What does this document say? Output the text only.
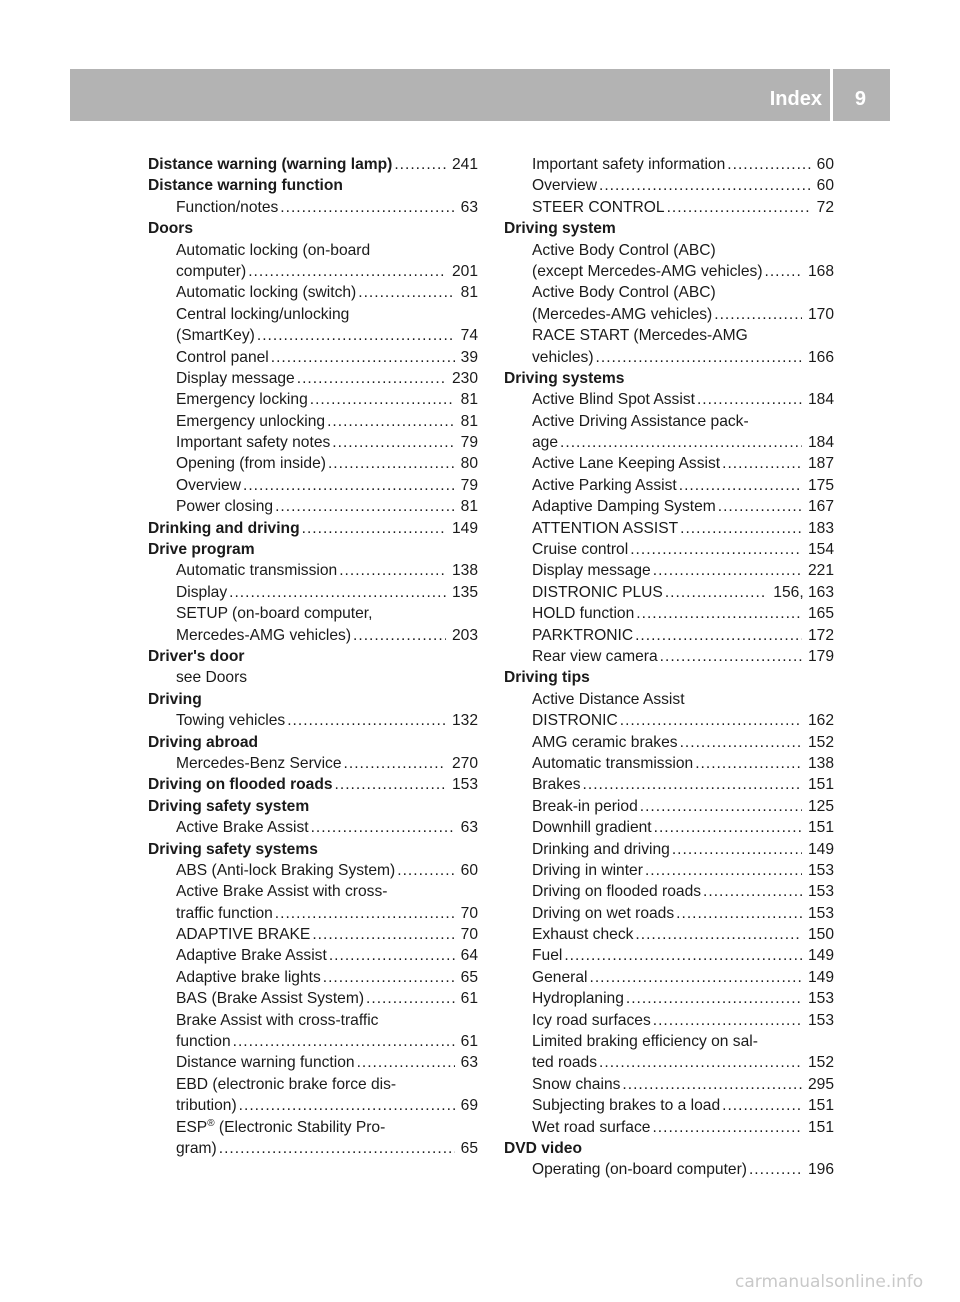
Index 9
Distance warning (warning lamp) .....	241
Distance warning function
Function/notes .....	63
Doors
Automatic locking (on-board
computer) .....	201
Automatic locking (switch) .....	81
Central locking/unlocking
(SmartKey) .....	74
Control panel .....	39
Display message .....	230
Emergency locking .....	81
Emergency unlocking .....	81
Important safety notes .....	79
Opening (from inside) .....	80
Overview .....	79
Power closing .....	81
Drinking and driving .....	149
Drive program
Automatic transmission .....	138
Display .....	135
SETUP (on-board computer,
Mercedes-AMG vehicles) .....	203
Driver's door
see Doors
Driving
Towing vehicles .....	132
Driving abroad
Mercedes-Benz Service .....	270
Driving on flooded roads .....	153
Driving safety system
Active Brake Assist .....	63
Driving safety systems
ABS (Anti-lock Braking System) .....	60
Active Brake Assist with cross-
traffic function .....	70
ADAPTIVE BRAKE .....	70
Adaptive Brake Assist .....	64
Adaptive brake lights .....	65
BAS (Brake Assist System) .....	61
Brake Assist with cross-traffic
function .....	61
Distance warning function .....	63
EBD (electronic brake force dis-
tribution) .....	69
ESP® (Electronic Stability Pro-
gram) .....	65
Important safety information .....	60
Overview .....	60
STEER CONTROL .....	72
Driving system
Active Body Control (ABC)
(except Mercedes-AMG vehicles) .....	168
Active Body Control (ABC)
(Mercedes-AMG vehicles) .....	170
RACE START (Mercedes-AMG
vehicles) .....	166
Driving systems
Active Blind Spot Assist .....	184
Active Driving Assistance pack-
age .....	184
Active Lane Keeping Assist .....	187
Active Parking Assist .....	175
Adaptive Damping System .....	167
ATTENTION ASSIST .....	183
Cruise control .....	154
Display message .....	221
DISTRONIC PLUS .....	156, 163
HOLD function .....	165
PARKTRONIC .....	172
Rear view camera .....	179
Driving tips
Active Distance Assist
DISTRONIC .....	162
AMG ceramic brakes .....	152
Automatic transmission .....	138
Brakes .....	151
Break-in period .....	125
Downhill gradient .....	151
Drinking and driving .....	149
Driving in winter .....	153
Driving on flooded roads .....	153
Driving on wet roads .....	153
Exhaust check .....	150
Fuel .....	149
General .....	149
Hydroplaning .....	153
Icy road surfaces .....	153
Limited braking efficiency on sal-
ted roads .....	152
Snow chains .....	295
Subjecting brakes to a load .....	151
Wet road surface .....	151
DVD video
Operating (on-board computer) .....	196
carmanualsonline.info
